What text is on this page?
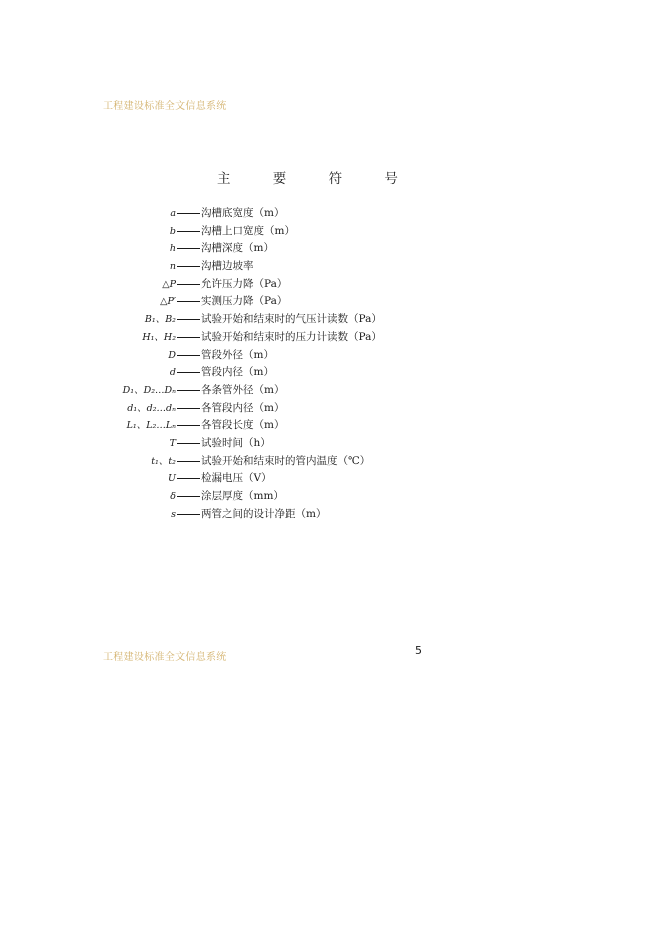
工程建设标准全文信息系统
主 要 符 号
a 沟槽底宽度（m）
b 沟槽上口宽度（m）
h 沟槽深度（m）
n 沟槽边坡率
△P 允许压力降（Pa）
△P′ 实测压力降（Pa）
B₁、B₂ 试验开始和结束时的气压计读数（Pa）
H₁、H₂ 试验开始和结束时的压力计读数（Pa）
D 管段外径（m）
d 管段内径（m）
D₁、D₂…Dₙ 各条管外径（m）
d₁、d₂…dₙ 各管段内径（m）
L₁、L₂…Lₙ 各管段长度（m）
T 试验时间（h）
t₁、t₂ 试验开始和结束时的管内温度（℃）
U 检漏电压（V）
δ 涂层厚度（mm）
s 两管之间的设计净距（m）
工程建设标准全文信息系统
5
